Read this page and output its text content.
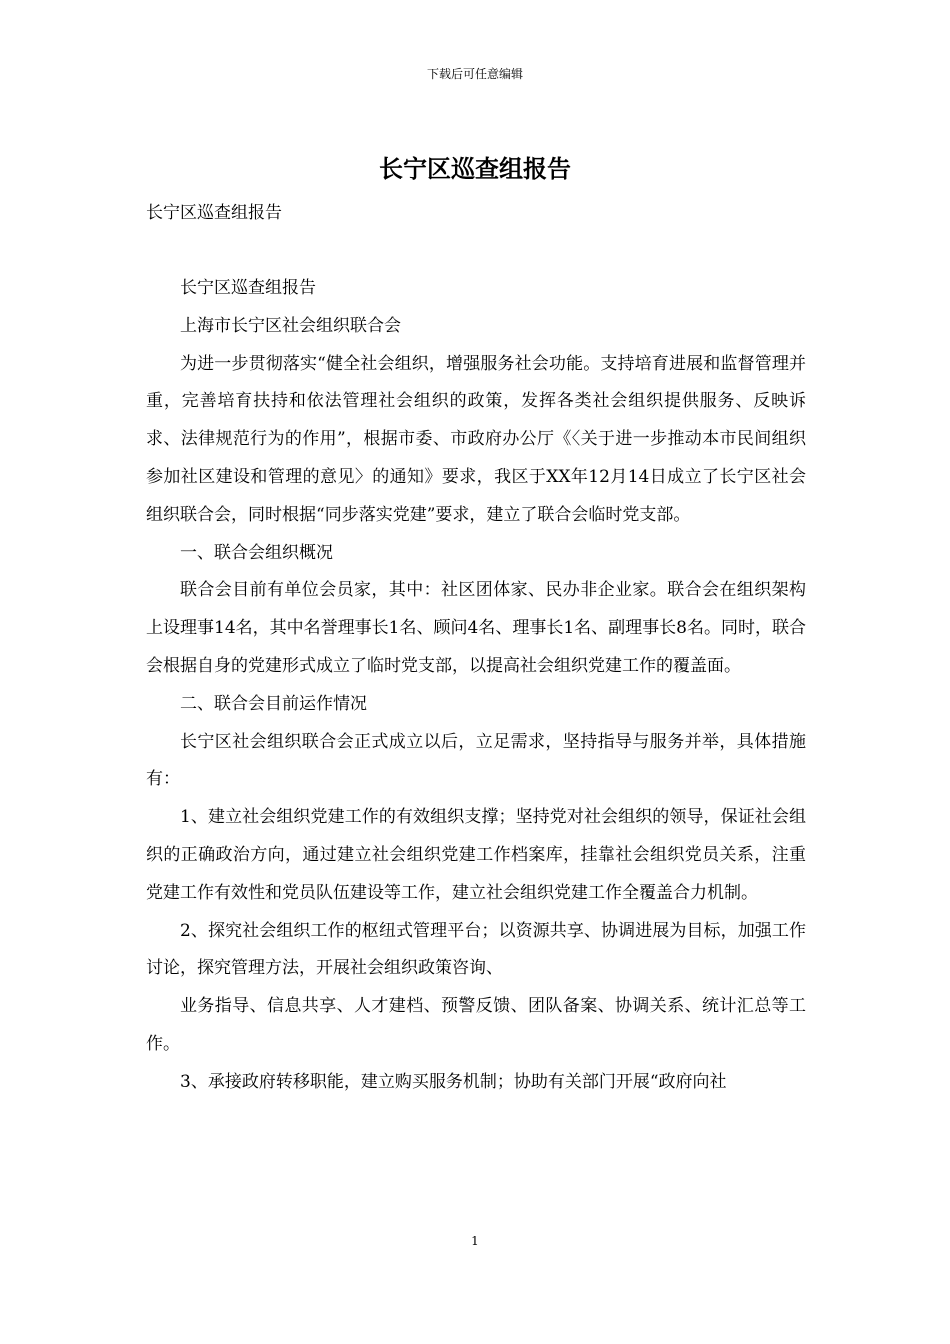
下载后可任意编辑
长宁区巡查组报告
长宁区巡查组报告

长宁区巡查组报告

上海市长宁区社会组织联合会

为进一步贯彻落实“健全社会组织，增强服务社会功能。支持培育进展和监督管理并重，完善培育扶持和依法管理社会组织的政策，发挥各类社会组织提供服务、反映诉求、法律规范行为的作用”，根据市委、市政府办公厅《〈关于进一步推动本市民间组织参加社区建设和管理的意见〉的通知》要求，我区于XX年12月14日成立了长宁区社会组织联合会，同时根据“同步落实党建”要求，建立了联合会临时党支部。

一、联合会组织概况

联合会目前有单位会员家，其中：社区团体家、民办非企业家。联合会在组织架构上设理事14名，其中名誉理事长1名、顾问4名、理事长1名、副理事长8名。同时，联合会根据自身的党建形式成立了临时党支部，以提高社会组织党建工作的覆盖面。

二、联合会目前运作情况

长宁区社会组织联合会正式成立以后，立足需求，坚持指导与服务并举，具体措施有：

1、建立社会组织党建工作的有效组织支撑；坚持党对社会组织的领导，保证社会组织的正确政治方向，通过建立社会组织党建工作档案库，挂靠社会组织党员关系，注重党建工作有效性和党员队伍建设等工作，建立社会组织党建工作全覆盖合力机制。

2、探究社会组织工作的枢纽式管理平台；以资源共享、协调进展为目标，加强工作讨论，探究管理方法，开展社会组织政策咨询、

业务指导、信息共享、人才建档、预警反馈、团队备案、协调关系、统计汇总等工作。

3、承接政府转移职能，建立购买服务机制；协助有关部门开展“政府向社

1
